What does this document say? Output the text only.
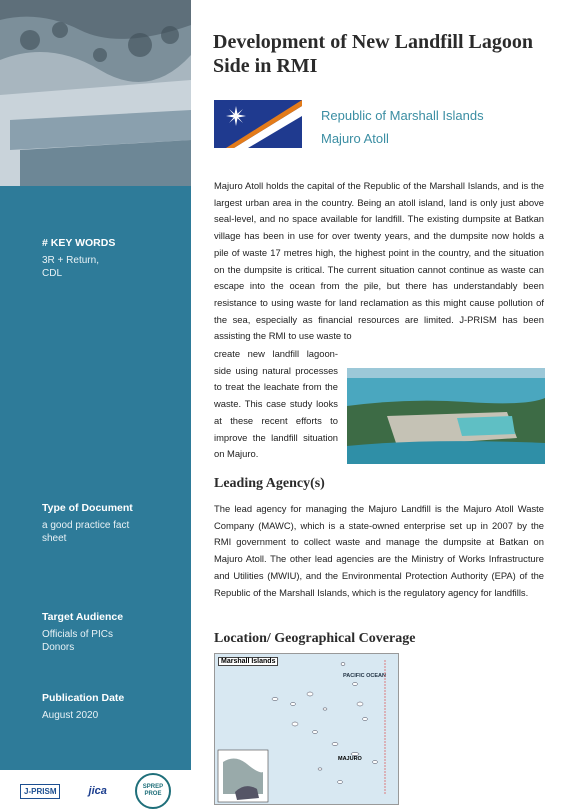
# KEY WORDS
3R + Return, CDL
Type of Document
a good practice fact sheet
Target Audience
Officials of PICs
Donors
Publication Date
August 2020
J-PRISM	jica	SPREP PROE
Development of New Landfill Lagoon Side in RMI
Republic of Marshall Islands
Majuro Atoll

Majuro Atoll holds the capital of the Republic of the Marshall Islands, and is the largest urban area in the country. Being an atoll island, land is only just above seal-level, and no space available for landfill. The existing dumpsite at Batkan village has been in use for over twenty years, and the dumpsite now holds a pile of waste 17 metres high, the highest point in the country, and the situation on the dumpsite is critical. The current situation cannot continue as waste can escape into the ocean from the pile, but there has understandably been resistance to using waste for land reclamation as this might cause pollution of the sea, especially as financial resources are limited. J-PRISM has been assisting the RMI to use waste to

create new landfill lagoon-side using natural processes to treat the leachate from the waste. This case study looks at these recent efforts to improve the landfill situation on Majuro.

Leading Agency(s)

The lead agency for managing the Majuro Landfill is the Majuro Atoll Waste Company (MAWC), which is a state-owned enterprise set up in 2007 by the RMI government to collect waste and manage the dumpsite at Batkan on Majuro Atoll. The other lead agencies are the Ministry of Works Infrastructure and Utilities (MWIU), and the Environmental Protection Authority (EPA) of the Republic of the Marshall Islands, which is the regulatory agency for landfills.

Location/ Geographical Coverage
Marshall Islands
PACIFIC OCEAN
MAJURO
